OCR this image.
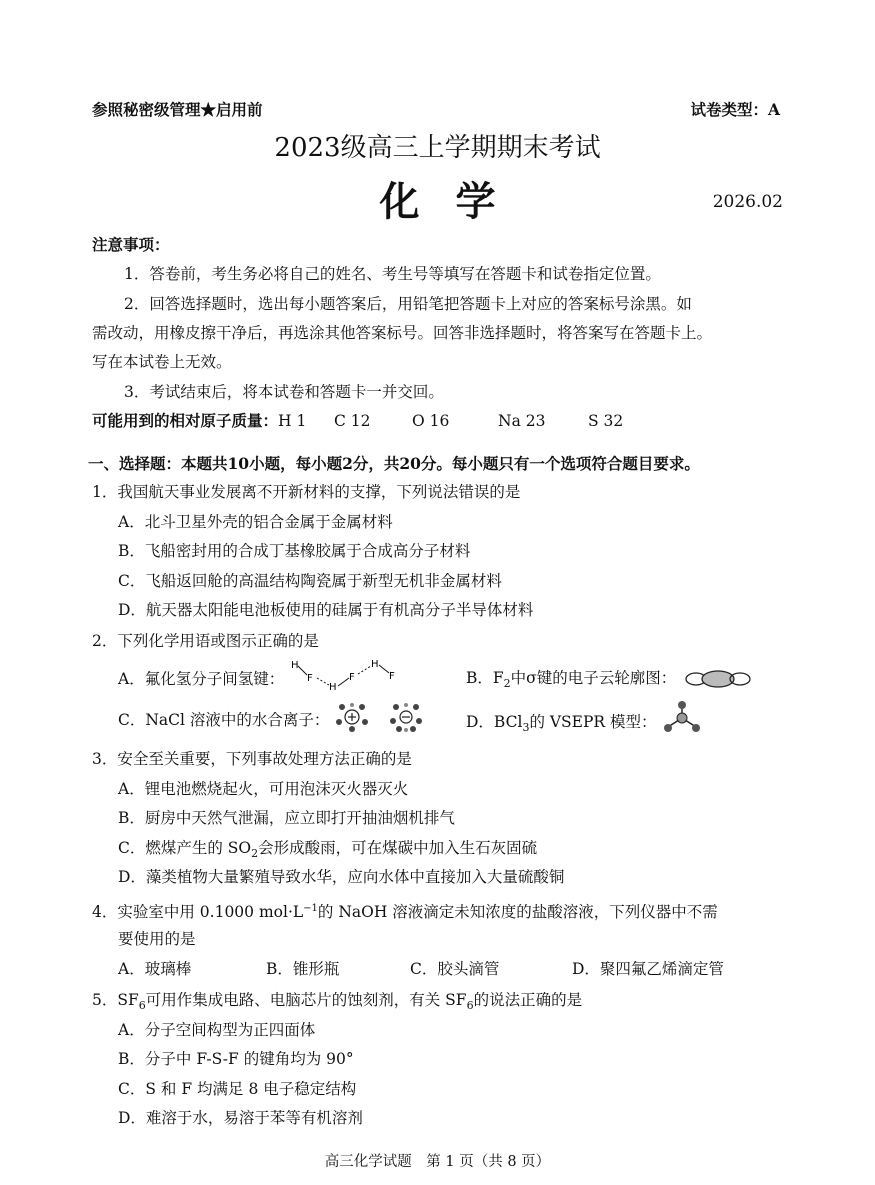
参照秘密级管理★启用前	试卷类型：A
2023级高三上学期期末考试
化学	2026.02
注意事项：
1．答卷前，考生务必将自己的姓名、考生号等填写在答题卡和试卷指定位置。
2．回答选择题时，选出每小题答案后，用铅笔把答题卡上对应的答案标号涂黑。如
需改动，用橡皮擦干净后，再选涂其他答案标号。回答非选择题时，将答案写在答题卡上。
写在本试卷上无效。
3．考试结束后，将本试卷和答题卡一并交回。
可能用到的相对原子质量：H 1 C 12	O 16	Na 23	S 32
一、选择题：本题共10小题，每小题2分，共20分。每小题只有一个选项符合题目要求。
1．我国航天事业发展离不开新材料的支撑，下列说法错误的是
A．北斗卫星外壳的铝合金属于金属材料
B．飞船密封用的合成丁基橡胶属于合成高分子材料
C．飞船返回舱的高温结构陶瓷属于新型无机非金属材料
D．航天器太阳能电池板使用的硅属于有机高分子半导体材料
2．下列化学用语或图示正确的是
A．氟化氢分子间氢键：
H
F
H
F
H
F	B．$F_2$中σ键的电子云轮廓图：
C．NaCl 溶液中的水合离子：	D．BCl$_3$的 VSEPR 模型：
3．安全至关重要，下列事故处理方法正确的是
A．锂电池燃烧起火，可用泡沫灭火器灭火
B．厨房中天然气泄漏，应立即打开抽油烟机排气
C．燃煤产生的 $SO_2$会形成酸雨，可在煤碳中加入生石灰固硫
D．藻类植物大量繁殖导致水华，应向水体中直接加入大量硫酸铜
4．实验室中用 0.1000 $mol\cdot L^{-1}$的 NaOH 溶液滴定未知浓度的盐酸溶液，下列仪器中不需
要使用的是
A．玻璃棒	B．锥形瓶	C．胶头滴管	D．聚四氟乙烯滴定管
5．$SF_6$可用作集成电路、电脑芯片的蚀刻剂，有关 $SF_6$的说法正确的是
A．分子空间构型为正四面体
B．分子中 F-S-F 的键角均为 90°
C．S 和 F 均满足 8 电子稳定结构
D．难溶于水，易溶于苯等有机溶剂
高三化学试题　第 1 页（共 8 页）
